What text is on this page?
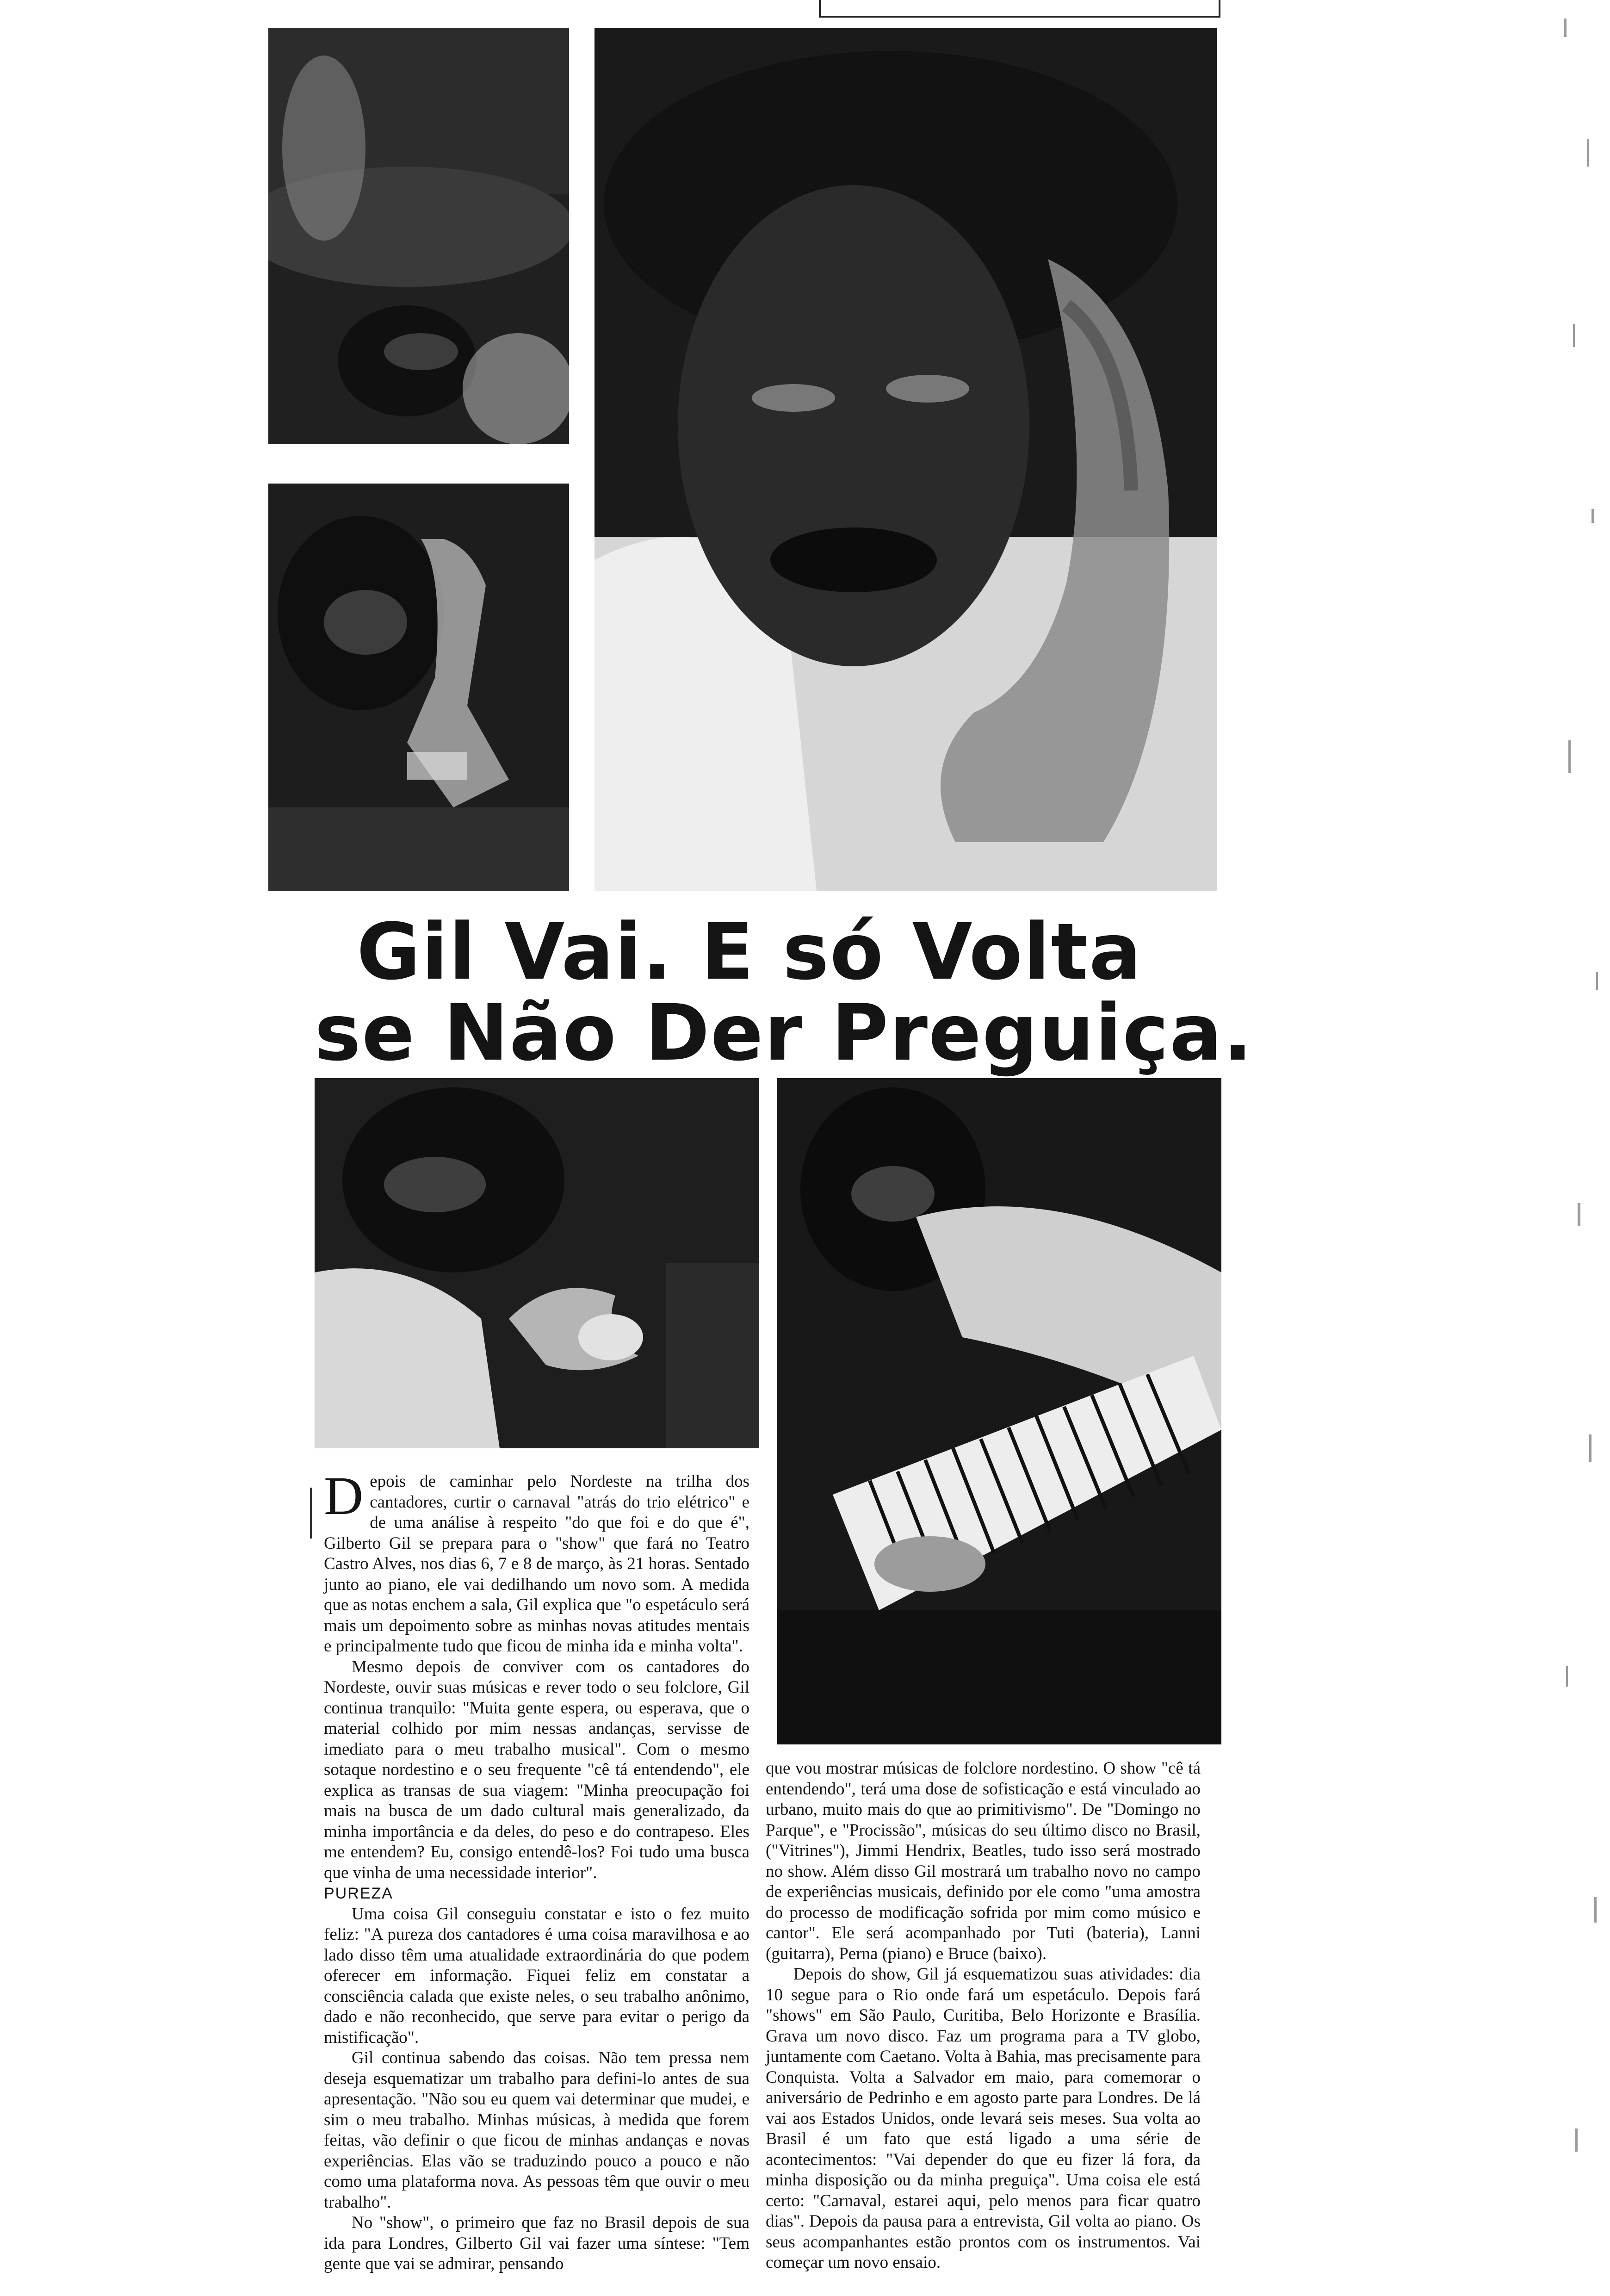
Gil Vai. E só Volta
se Não Der Preguiça.

Depois de caminhar pelo Nordeste na trilha dos cantadores, curtir o carnaval "atrás do trio elétrico" e de uma análise à respeito "do que foi e do que é", Gilberto Gil se prepara para o "show" que fará no Teatro Castro Alves, nos dias 6, 7 e 8 de março, às 21 horas. Sentado junto ao piano, ele vai dedilhando um novo som. A medida que as notas enchem a sala, Gil explica que "o espetáculo será mais um depoimento sobre as minhas novas atitudes mentais e principalmente tudo que ficou de minha ida e minha volta".

Mesmo depois de conviver com os cantadores do Nordeste, ouvir suas músicas e rever todo o seu folclore, Gil continua tranquilo: "Muita gente espera, ou esperava, que o material colhido por mim nessas andanças, servisse de imediato para o meu trabalho musical". Com o mesmo sotaque nordestino e o seu frequente "cê tá entendendo", ele explica as transas de sua viagem: "Minha preocupação foi mais na busca de um dado cultural mais generalizado, da minha importância e da deles, do peso e do contrapeso. Eles me entendem? Eu, consigo entendê-los? Foi tudo uma busca que vinha de uma necessidade interior".

PUREZA

Uma coisa Gil conseguiu constatar e isto o fez muito feliz: "A pureza dos cantadores é uma coisa maravilhosa e ao lado disso têm uma atualidade extraordinária do que podem oferecer em informação. Fiquei feliz em constatar a consciência calada que existe neles, o seu trabalho anônimo, dado e não reconhecido, que serve para evitar o perigo da mistificação".

Gil continua sabendo das coisas. Não tem pressa nem deseja esquematizar um trabalho para defini-lo antes de sua apresentação. "Não sou eu quem vai determinar que mudei, e sim o meu trabalho. Minhas músicas, à medida que forem feitas, vão definir o que ficou de minhas andanças e novas experiências. Elas vão se traduzindo pouco a pouco e não como uma plataforma nova. As pessoas têm que ouvir o meu trabalho".

No "show", o primeiro que faz no Brasil depois de sua ida para Londres, Gilberto Gil vai fazer uma síntese: "Tem gente que vai se admirar, pensando

que vou mostrar músicas de folclore nordestino. O show "cê tá entendendo", terá uma dose de sofisticação e está vinculado ao urbano, muito mais do que ao primitivismo". De "Domingo no Parque", e "Procissão", músicas do seu último disco no Brasil, ("Vitrines"), Jimmi Hendrix, Beatles, tudo isso será mostrado no show. Além disso Gil mostrará um trabalho novo no campo de experiências musicais, definido por ele como "uma amostra do processo de modificação sofrida por mim como músico e cantor". Ele será acompanhado por Tuti (bateria), Lanni (guitarra), Perna (piano) e Bruce (baixo).

Depois do show, Gil já esquematizou suas atividades: dia 10 segue para o Rio onde fará um espetáculo. Depois fará "shows" em São Paulo, Curitiba, Belo Horizonte e Brasília. Grava um novo disco. Faz um programa para a TV globo, juntamente com Caetano. Volta à Bahia, mas precisamente para Conquista. Volta a Salvador em maio, para comemorar o aniversário de Pedrinho e em agosto parte para Londres. De lá vai aos Estados Unidos, onde levará seis meses. Sua volta ao Brasil é um fato que está ligado a uma série de acontecimentos: "Vai depender do que eu fizer lá fora, da minha disposição ou da minha preguiça". Uma coisa ele está certo: "Carnaval, estarei aqui, pelo menos para ficar quatro dias". Depois da pausa para a entrevista, Gil volta ao piano. Os seus acompanhantes estão prontos com os instrumentos. Vai começar um novo ensaio.
